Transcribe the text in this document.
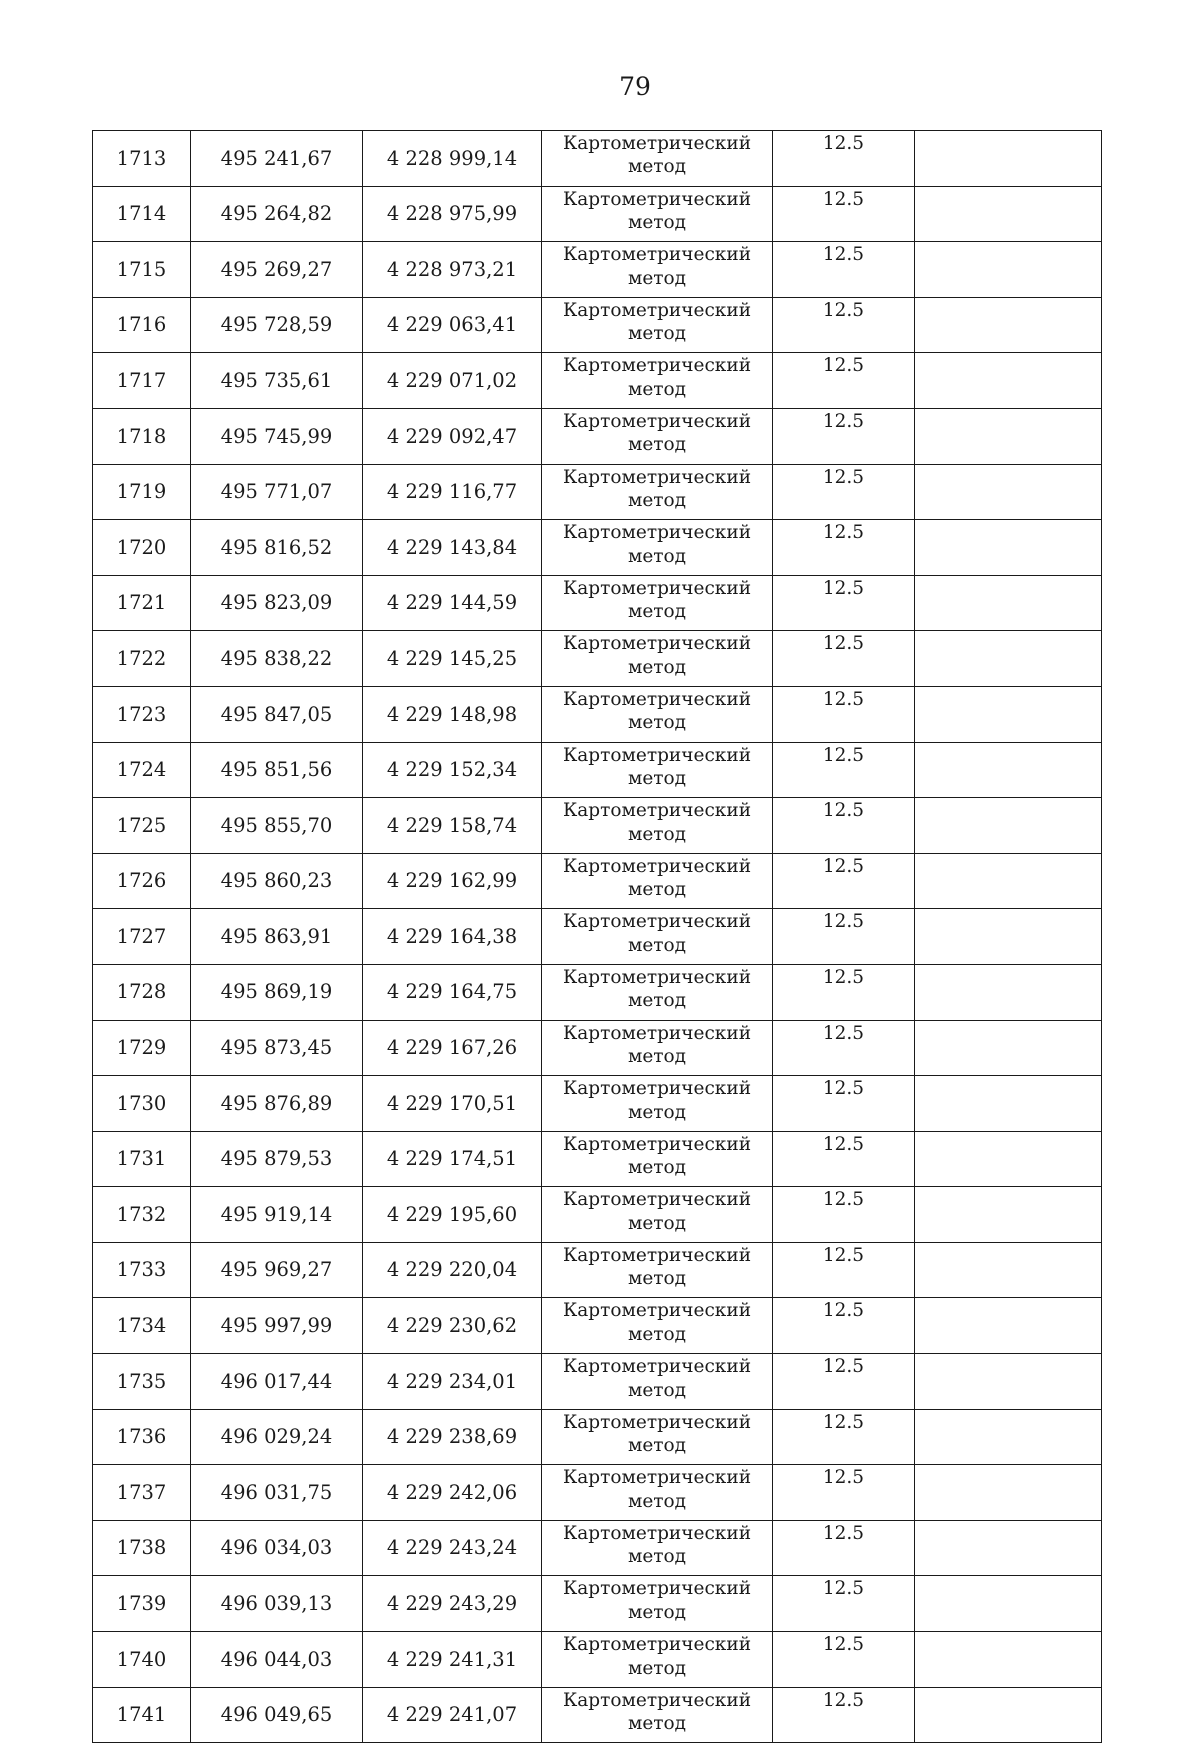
79
1713	495 241,67	4 228 999,14	Картометрический метод	12.5	
1714	495 264,82	4 228 975,99	Картометрический метод	12.5	
1715	495 269,27	4 228 973,21	Картометрический метод	12.5	
1716	495 728,59	4 229 063,41	Картометрический метод	12.5	
1717	495 735,61	4 229 071,02	Картометрический метод	12.5	
1718	495 745,99	4 229 092,47	Картометрический метод	12.5	
1719	495 771,07	4 229 116,77	Картометрический метод	12.5	
1720	495 816,52	4 229 143,84	Картометрический метод	12.5	
1721	495 823,09	4 229 144,59	Картометрический метод	12.5	
1722	495 838,22	4 229 145,25	Картометрический метод	12.5	
1723	495 847,05	4 229 148,98	Картометрический метод	12.5	
1724	495 851,56	4 229 152,34	Картометрический метод	12.5	
1725	495 855,70	4 229 158,74	Картометрический метод	12.5	
1726	495 860,23	4 229 162,99	Картометрический метод	12.5	
1727	495 863,91	4 229 164,38	Картометрический метод	12.5	
1728	495 869,19	4 229 164,75	Картометрический метод	12.5	
1729	495 873,45	4 229 167,26	Картометрический метод	12.5	
1730	495 876,89	4 229 170,51	Картометрический метод	12.5	
1731	495 879,53	4 229 174,51	Картометрический метод	12.5	
1732	495 919,14	4 229 195,60	Картометрический метод	12.5	
1733	495 969,27	4 229 220,04	Картометрический метод	12.5	
1734	495 997,99	4 229 230,62	Картометрический метод	12.5	
1735	496 017,44	4 229 234,01	Картометрический метод	12.5	
1736	496 029,24	4 229 238,69	Картометрический метод	12.5	
1737	496 031,75	4 229 242,06	Картометрический метод	12.5	
1738	496 034,03	4 229 243,24	Картометрический метод	12.5	
1739	496 039,13	4 229 243,29	Картометрический метод	12.5	
1740	496 044,03	4 229 241,31	Картометрический метод	12.5	
1741	496 049,65	4 229 241,07	Картометрический метод	12.5	
